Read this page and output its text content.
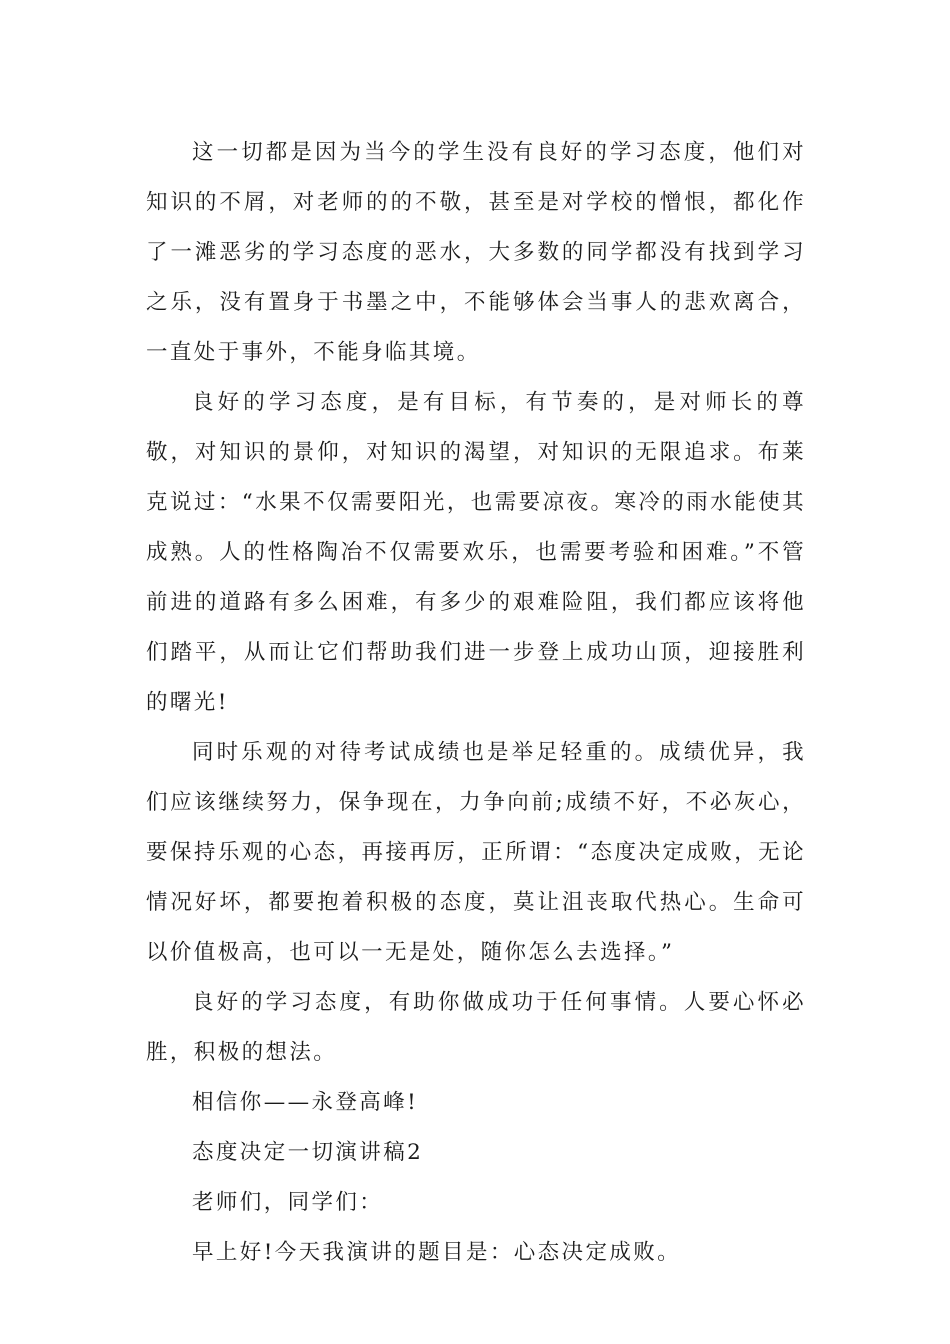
这一切都是因为当今的学生没有良好的学习态度，他们对知识的不屑，对老师的的不敬，甚至是对学校的憎恨，都化作了一滩恶劣的学习态度的恶水，大多数的同学都没有找到学习之乐，没有置身于书墨之中，不能够体会当事人的悲欢离合，一直处于事外，不能身临其境。

良好的学习态度，是有目标，有节奏的，是对师长的尊敬，对知识的景仰，对知识的渴望，对知识的无限追求。布莱克说过：“水果不仅需要阳光，也需要凉夜。寒冷的雨水能使其成熟。人的性格陶冶不仅需要欢乐，也需要考验和困难。”不管前进的道路有多么困难，有多少的艰难险阻，我们都应该将他们踏平，从而让它们帮助我们进一步登上成功山顶，迎接胜利的曙光!

同时乐观的对待考试成绩也是举足轻重的。成绩优异，我们应该继续努力，保争现在，力争向前;成绩不好，不必灰心，要保持乐观的心态，再接再厉，正所谓：“态度决定成败，无论情况好坏，都要抱着积极的态度，莫让沮丧取代热心。生命可以价值极高，也可以一无是处，随你怎么去选择。”

良好的学习态度，有助你做成功于任何事情。人要心怀必胜，积极的想法。

相信你——永登高峰!

态度决定一切演讲稿2

老师们，同学们：

早上好!今天我演讲的题目是：心态决定成败。
